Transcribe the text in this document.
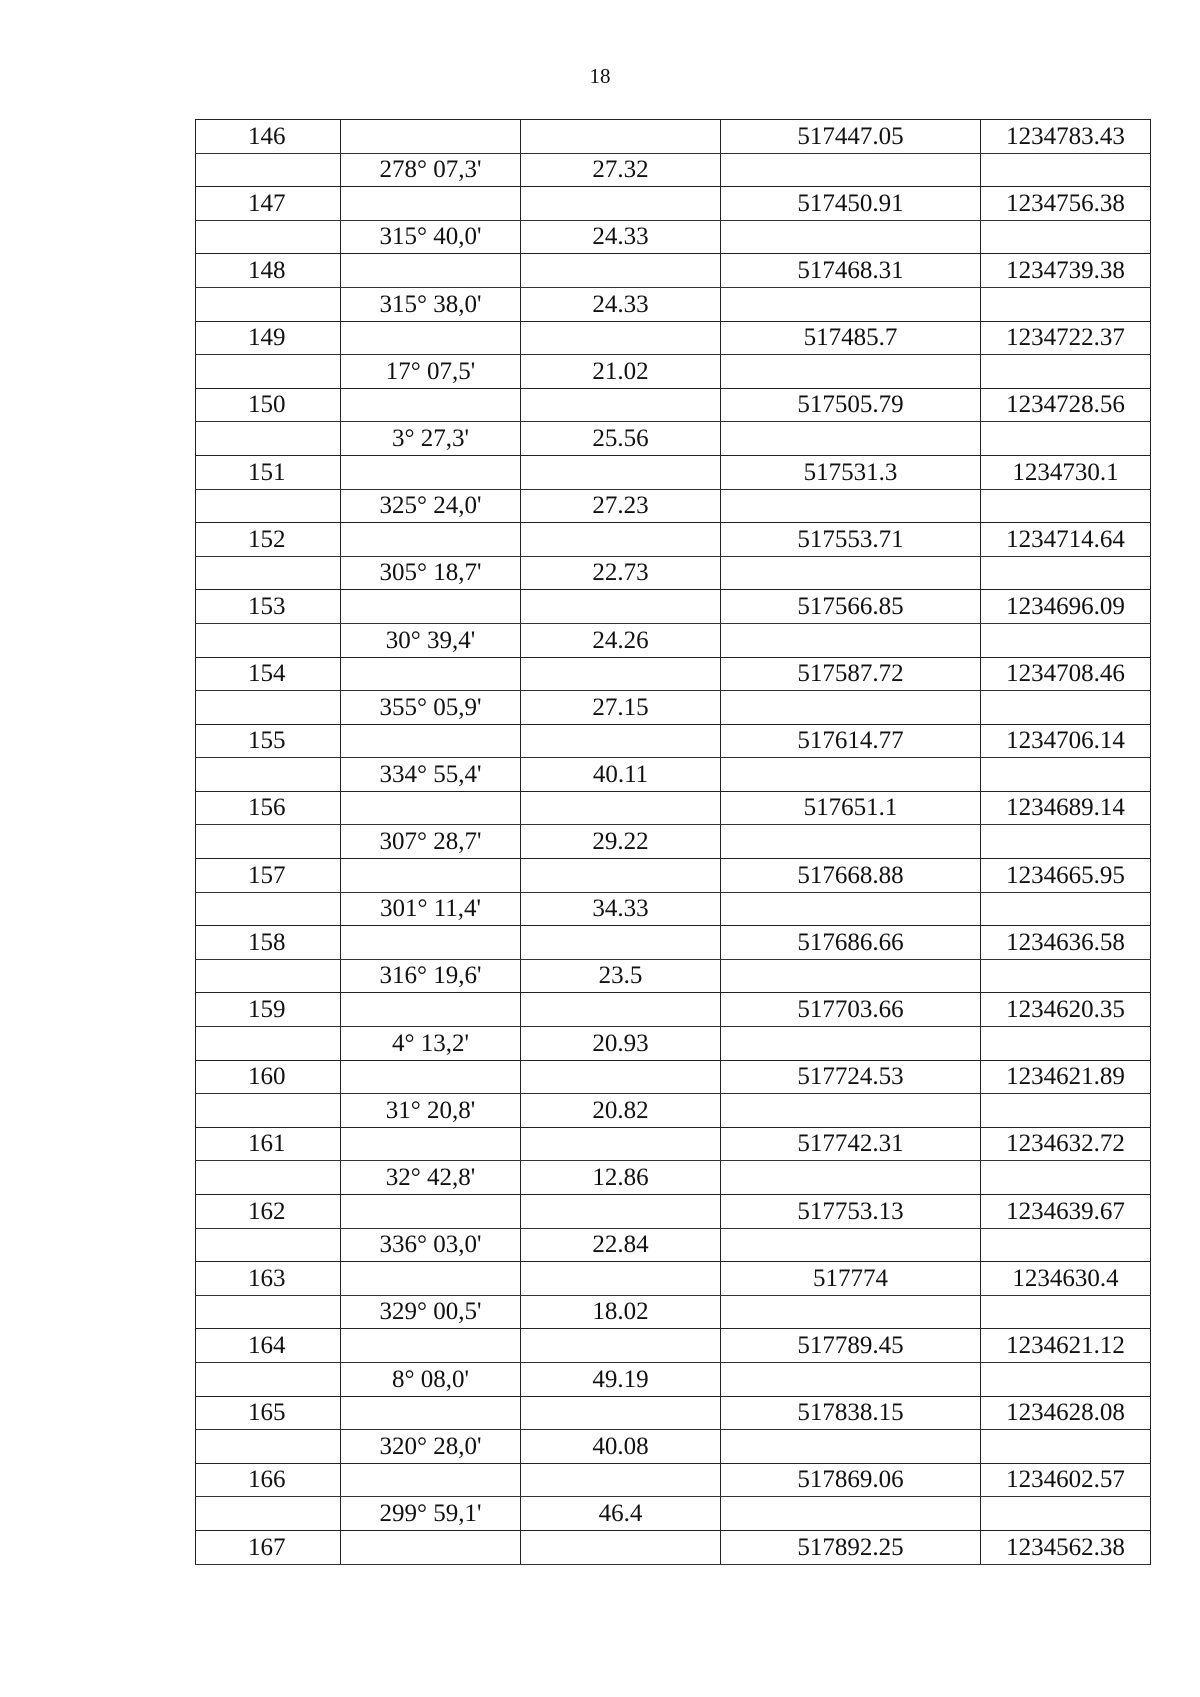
18
146			517447.05	1234783.43
	278° 07,3'	27.32		
147			517450.91	1234756.38
	315° 40,0'	24.33		
148			517468.31	1234739.38
	315° 38,0'	24.33		
149			517485.7	1234722.37
	17° 07,5'	21.02		
150			517505.79	1234728.56
	3° 27,3'	25.56		
151			517531.3	1234730.1
	325° 24,0'	27.23		
152			517553.71	1234714.64
	305° 18,7'	22.73		
153			517566.85	1234696.09
	30° 39,4'	24.26		
154			517587.72	1234708.46
	355° 05,9'	27.15		
155			517614.77	1234706.14
	334° 55,4'	40.11		
156			517651.1	1234689.14
	307° 28,7'	29.22		
157			517668.88	1234665.95
	301° 11,4'	34.33		
158			517686.66	1234636.58
	316° 19,6'	23.5		
159			517703.66	1234620.35
	4° 13,2'	20.93		
160			517724.53	1234621.89
	31° 20,8'	20.82		
161			517742.31	1234632.72
	32° 42,8'	12.86		
162			517753.13	1234639.67
	336° 03,0'	22.84		
163			517774	1234630.4
	329° 00,5'	18.02		
164			517789.45	1234621.12
	8° 08,0'	49.19		
165			517838.15	1234628.08
	320° 28,0'	40.08		
166			517869.06	1234602.57
	299° 59,1'	46.4		
167			517892.25	1234562.38
